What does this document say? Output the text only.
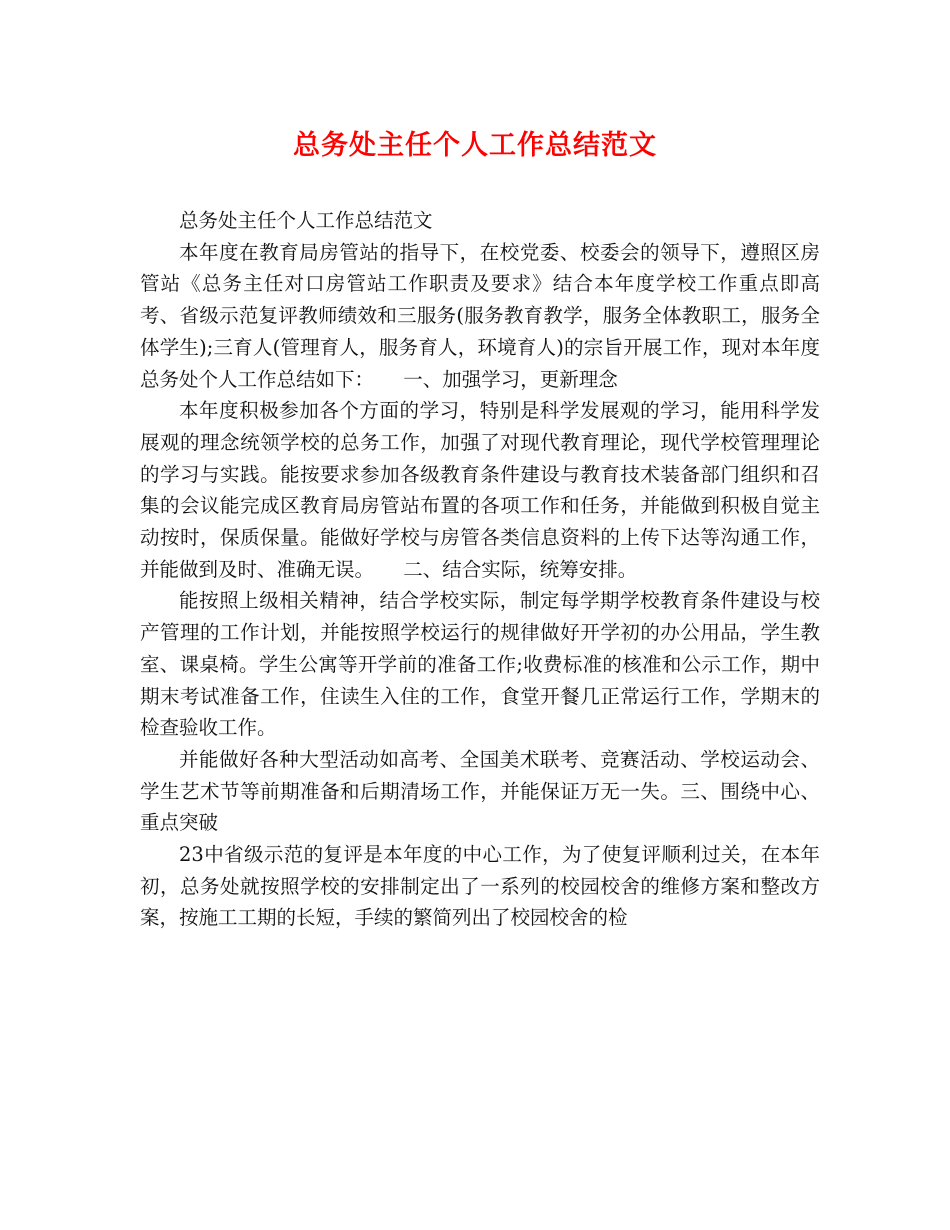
总务处主任个人工作总结范文

总务处主任个人工作总结范文

本年度在教育局房管站的指导下，在校党委、校委会的领导下，遵照区房管站《总务主任对口房管站工作职责及要求》结合本年度学校工作重点即高考、省级示范复评教师绩效和三服务(服务教育教学，服务全体教职工，服务全体学生);三育人(管理育人，服务育人，环境育人)的宗旨开展工作，现对本年度总务处个人工作总结如下：　　一、加强学习，更新理念

本年度积极参加各个方面的学习，特别是科学发展观的学习，能用科学发展观的理念统领学校的总务工作，加强了对现代教育理论，现代学校管理理论的学习与实践。能按要求参加各级教育条件建设与教育技术装备部门组织和召集的会议能完成区教育局房管站布置的各项工作和任务，并能做到积极自觉主动按时，保质保量。能做好学校与房管各类信息资料的上传下达等沟通工作，并能做到及时、准确无误。　　二、结合实际，统筹安排。

能按照上级相关精神，结合学校实际，制定每学期学校教育条件建设与校产管理的工作计划，并能按照学校运行的规律做好开学初的办公用品，学生教室、课桌椅。学生公寓等开学前的准备工作;收费标准的核准和公示工作，期中期末考试准备工作，住读生入住的工作，食堂开餐几正常运行工作，学期末的检查验收工作。

并能做好各种大型活动如高考、全国美术联考、竞赛活动、学校运动会、学生艺术节等前期准备和后期清场工作，并能保证万无一失。三、围绕中心、重点突破

23中省级示范的复评是本年度的中心工作，为了使复评顺利过关，在本年初，总务处就按照学校的安排制定出了一系列的校园校舍的维修方案和整改方案，按施工工期的长短，手续的繁简列出了校园校舍的检
